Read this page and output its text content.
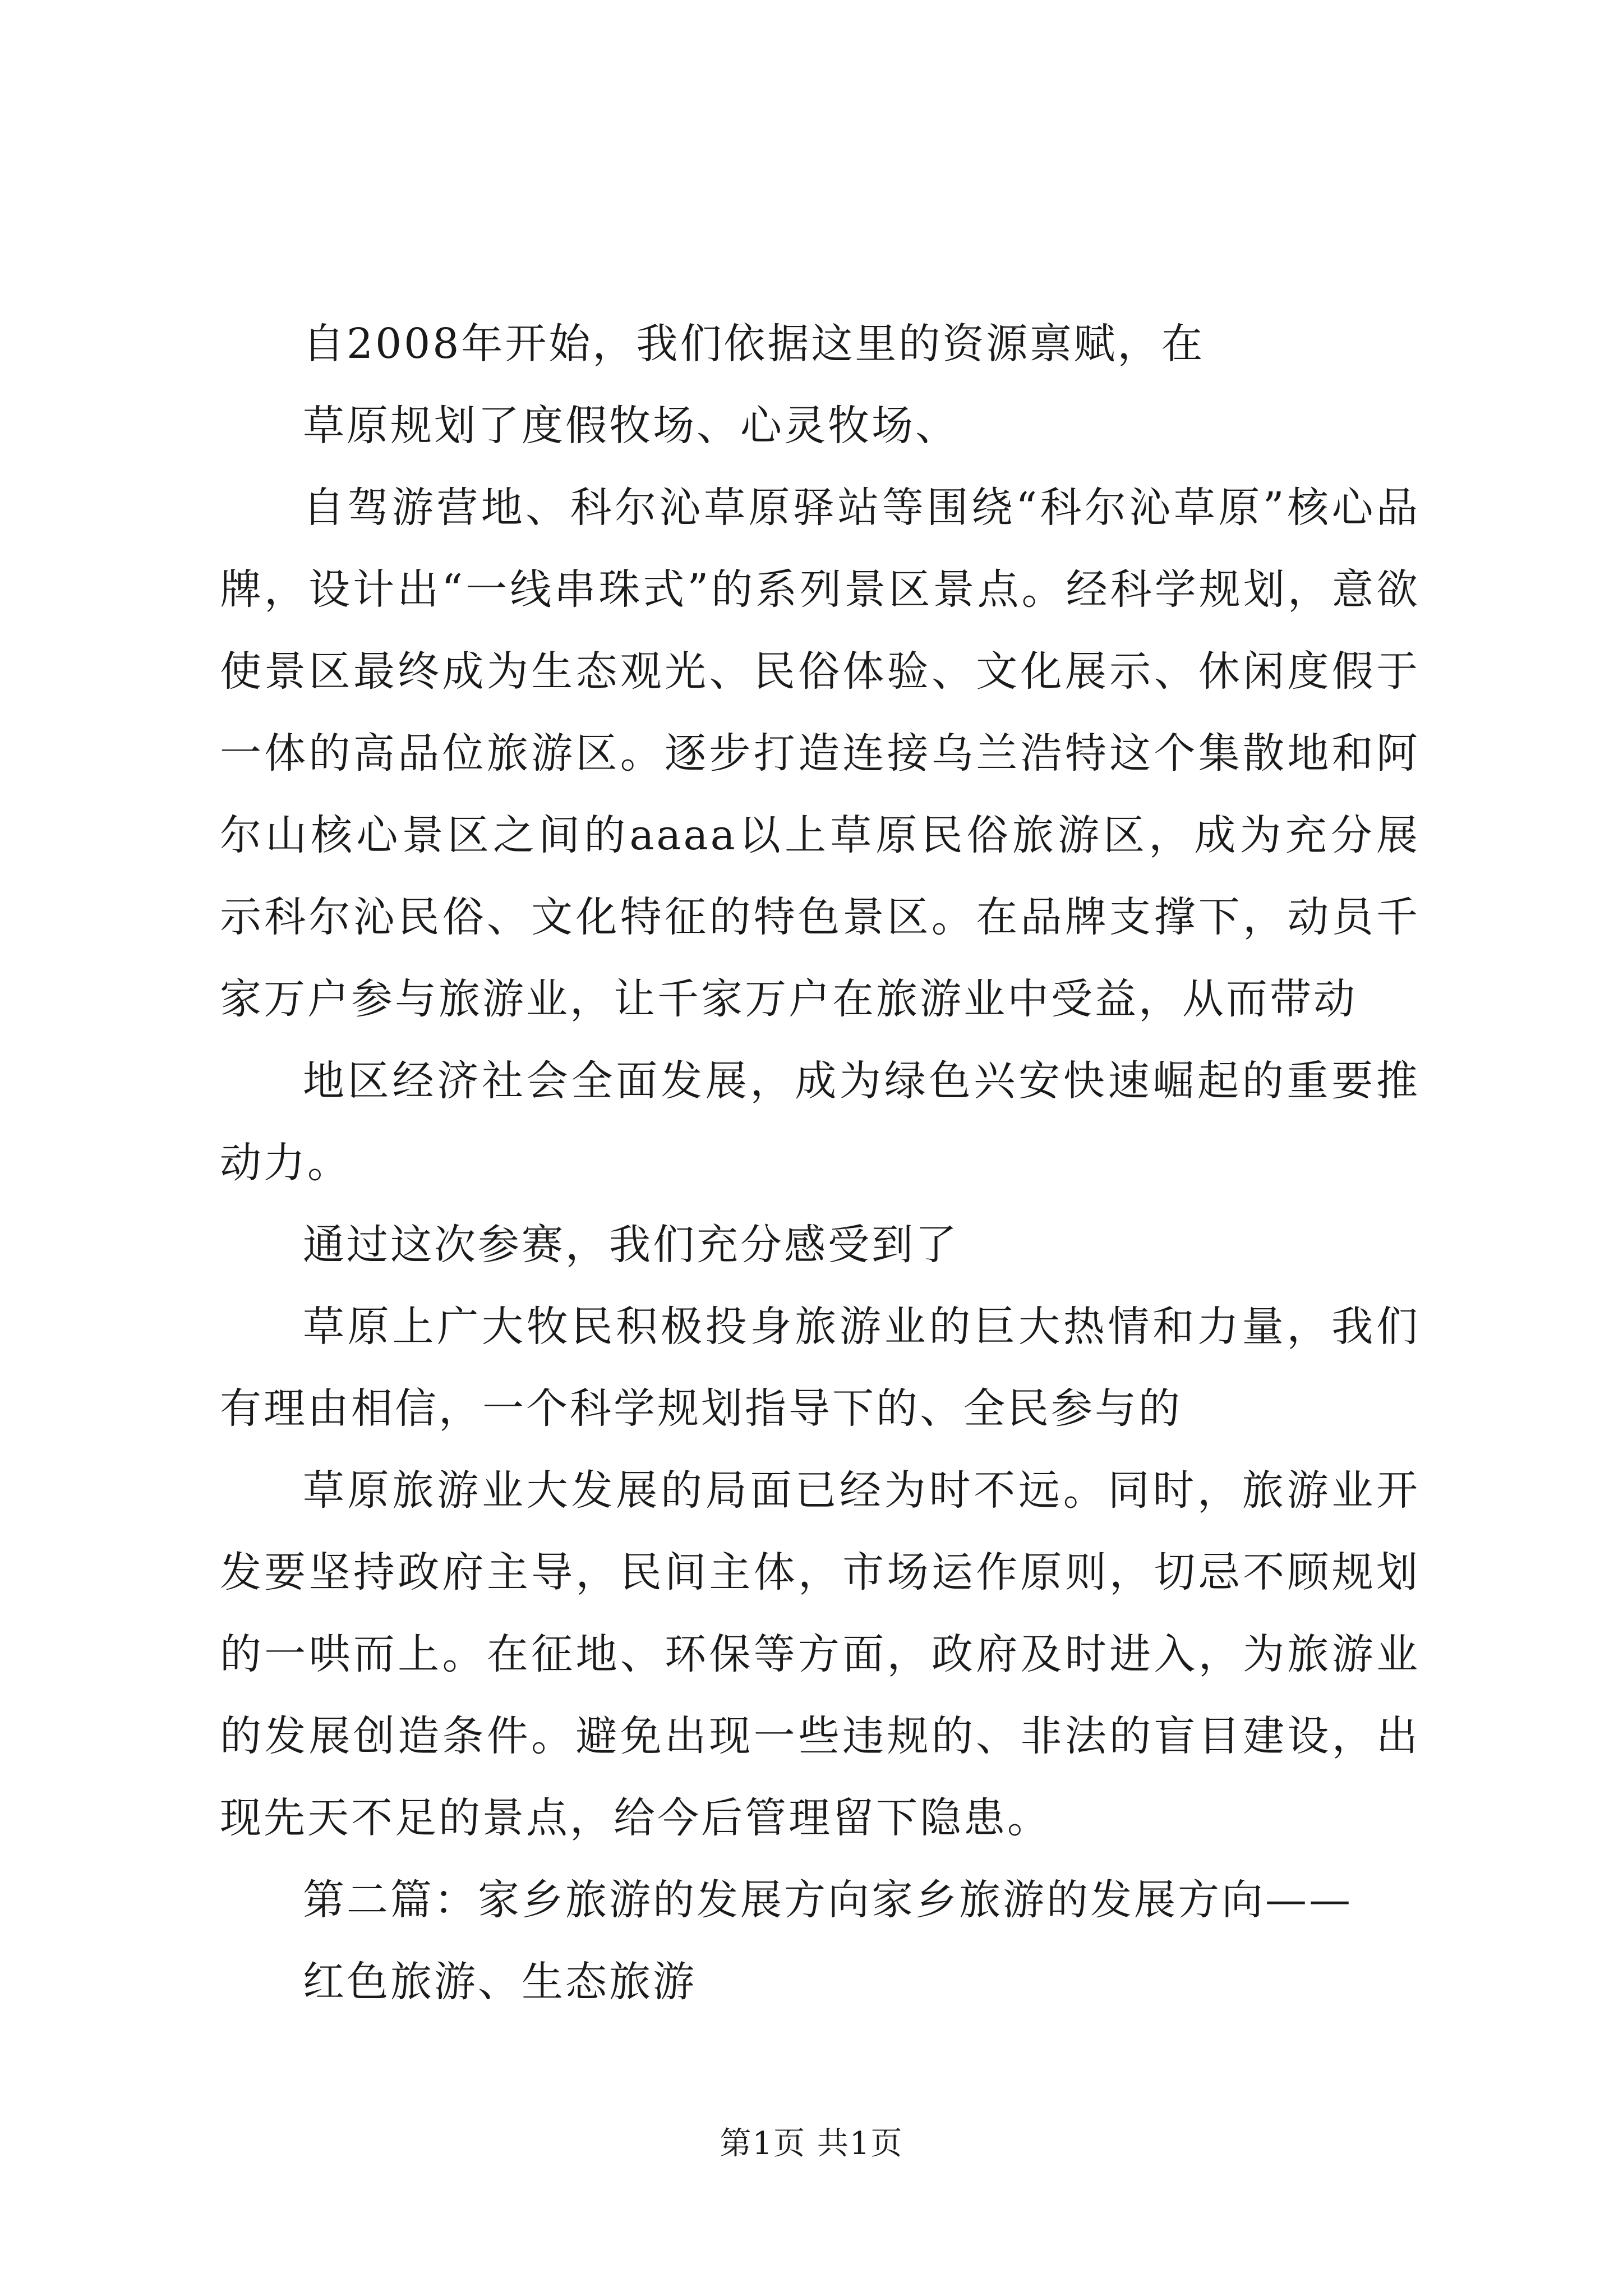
自2008年开始，我们依据这里的资源禀赋，在

草原规划了度假牧场、心灵牧场、

自驾游营地、科尔沁草原驿站等围绕“科尔沁草原”核心品牌，设计出“一线串珠式”的系列景区景点。经科学规划，意欲使景区最终成为生态观光、民俗体验、文化展示、休闲度假于一体的高品位旅游区。逐步打造连接乌兰浩特这个集散地和阿尔山核心景区之间的aaaa以上草原民俗旅游区，成为充分展示科尔沁民俗、文化特征的特色景区。在品牌支撑下，动员千家万户参与旅游业，让千家万户在旅游业中受益，从而带动

地区经济社会全面发展，成为绿色兴安快速崛起的重要推动力。

通过这次参赛，我们充分感受到了

草原上广大牧民积极投身旅游业的巨大热情和力量，我们有理由相信，一个科学规划指导下的、全民参与的

草原旅游业大发展的局面已经为时不远。同时，旅游业开发要坚持政府主导，民间主体，市场运作原则，切忌不顾规划的一哄而上。在征地、环保等方面，政府及时进入，为旅游业的发展创造条件。避免出现一些违规的、非法的盲目建设，出现先天不足的景点，给今后管理留下隐患。

第二篇：家乡旅游的发展方向家乡旅游的发展方向——

红色旅游、生态旅游

第1页 共1页
